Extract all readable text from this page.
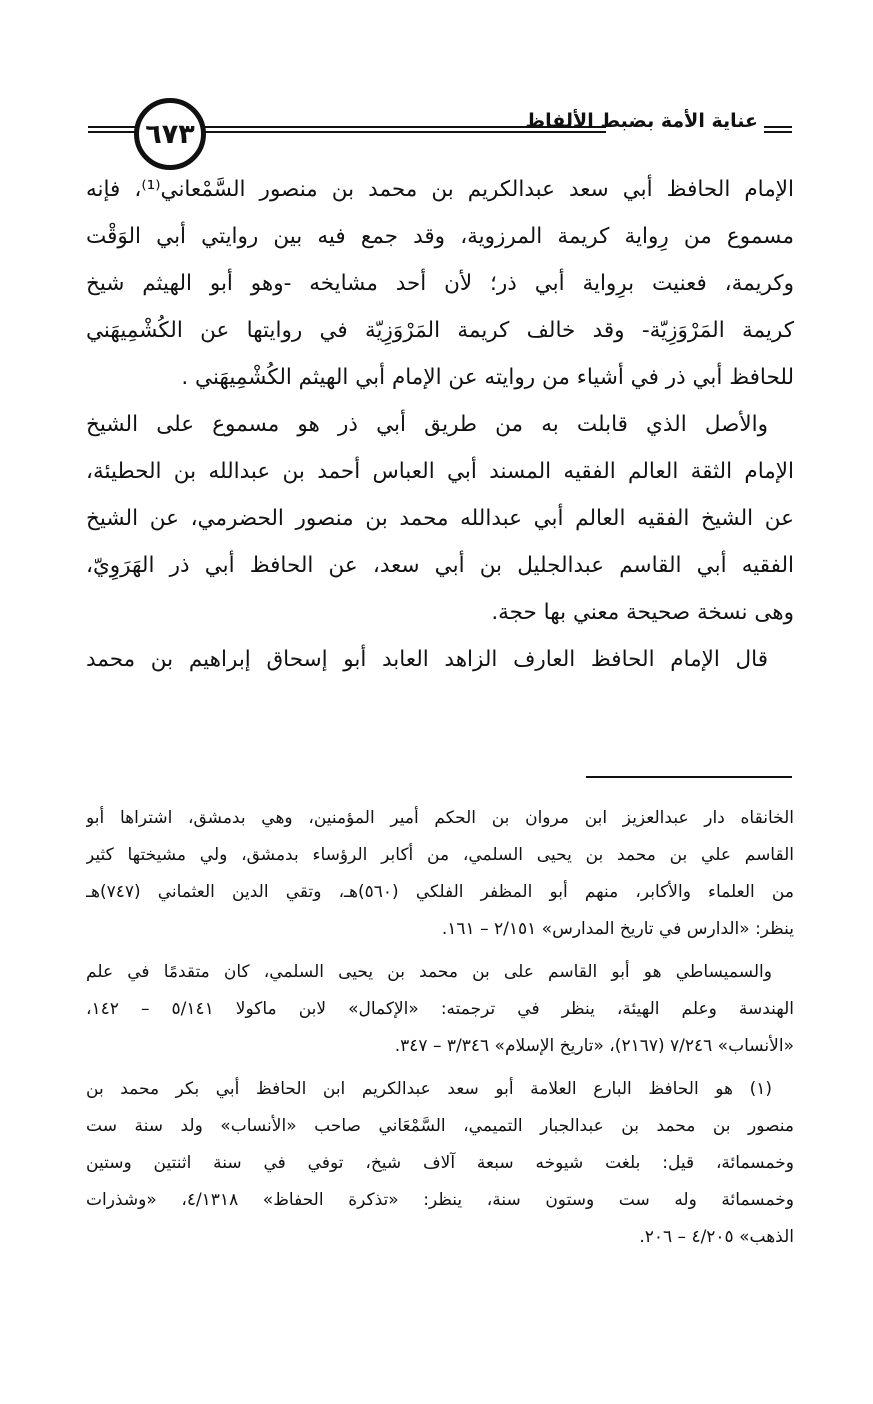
٦٧٣	عناية الأمة بضبط الألفاظ
الإمام الحافظ أبي سعد عبدالكريم بن محمد بن منصور السَّمْعاني⁽¹⁾، فإنه
مسموع من رِواية كريمة المرزوية، وقد جمع فيه بين روايتي أبي الوَقْت
وكريمة، فعنيت برِواية أبي ذر؛ لأن أحد مشايخه -وهو أبو الهيثم شيخ
كريمة المَرْوَزِيّة- وقد خالف كريمة المَرْوَزِيّة في روايتها عن الكُشْمِيهَني
للحافظ أبي ذر في أشياء من روايته عن الإمام أبي الهيثم الكُشْمِيهَني .
والأصل الذي قابلت به من طريق أبي ذر هو مسموع على الشيخ
الإمام الثقة العالم الفقيه المسند أبي العباس أحمد بن عبدالله بن الحطيئة،
عن الشيخ الفقيه العالم أبي عبدالله محمد بن منصور الحضرمي، عن الشيخ
الفقيه أبي القاسم عبدالجليل بن أبي سعد، عن الحافظ أبي ذر الهَرَوِيّ،
وهى نسخة صحيحة معني بها حجة.
قال الإمام الحافظ العارف الزاهد العابد أبو إسحاق إبراهيم بن محمد
الخانقاه دار عبدالعزيز ابن مروان بن الحكم أمير المؤمنين، وهي بدمشق، اشتراها أبو
القاسم علي بن محمد بن يحيى السلمي، من أكابر الرؤساء بدمشق، ولي مشيختها كثير
من العلماء والأكابر، منهم أبو المظفر الفلكي (٥٦٠)هـ، وتقي الدين العثماني (٧٤٧)هـ
ينظر: «الدارس في تاريخ المدارس» ٢/١٥١ – ١٦١.
والسميساطي هو أبو القاسم على بن محمد بن يحيى السلمي، كان متقدمًا في علم
الهندسة وعلم الهيئة، ينظر في ترجمته: «الإكمال» لابن ماكولا ٥/١٤١ – ١٤٢،
«الأنساب» ٧/٢٤٦ (٢١٦٧)، «تاريخ الإسلام» ٣/٣٤٦ – ٣٤٧.
(١) هو الحافظ البارع العلامة أبو سعد عبدالكريم ابن الحافظ أبي بكر محمد بن
منصور بن محمد بن عبدالجبار التميمي، السَّمْعَاني صاحب «الأنساب» ولد سنة ست
وخمسمائة، قيل: بلغت شيوخه سبعة آلاف شيخ، توفي في سنة اثنتين وستين
وخمسمائة وله ست وستون سنة، ينظر: «تذكرة الحفاظ» ٤/١٣١٨، «وشذرات
الذهب» ٤/٢٠٥ – ٢٠٦.
